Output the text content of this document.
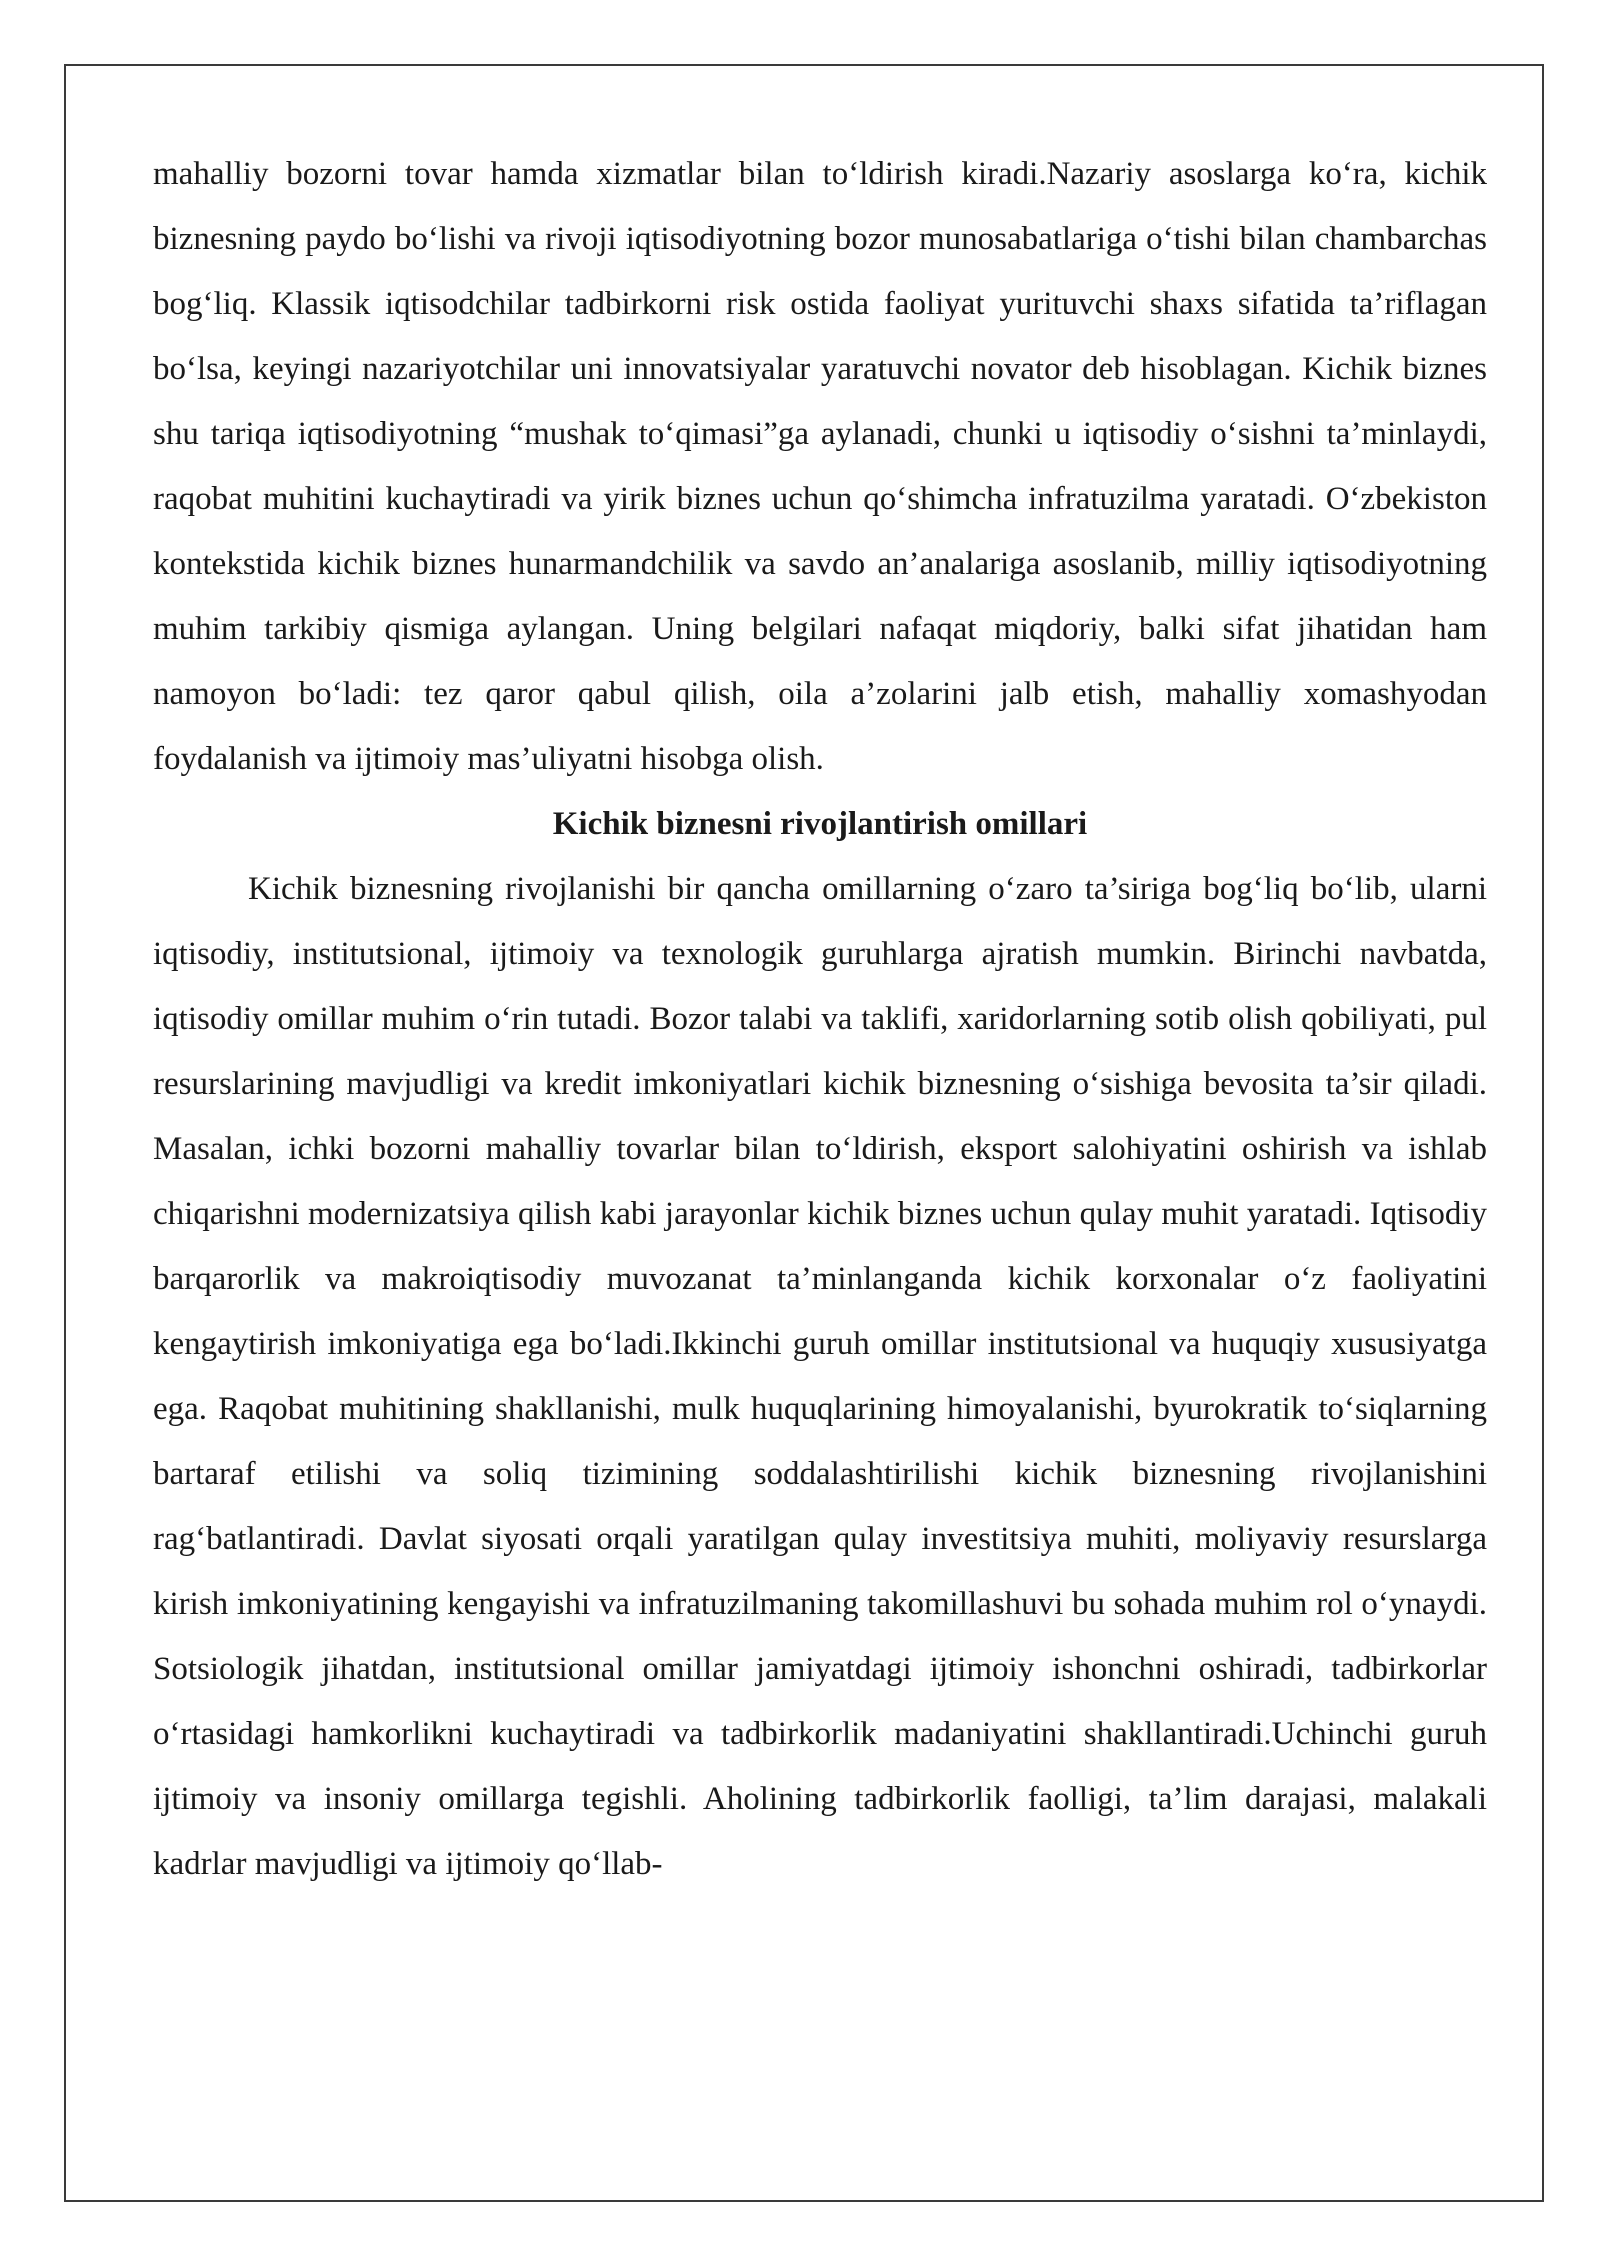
mahalliy bozorni tovar hamda xizmatlar bilan to‘ldirish kiradi.Nazariy asoslarga ko‘ra, kichik biznesning paydo bo‘lishi va rivoji iqtisodiyotning bozor munosabatlariga o‘tishi bilan chambarchas bog‘liq. Klassik iqtisodchilar tadbirkorni risk ostida faoliyat yurituvchi shaxs sifatida ta’riflagan bo‘lsa, keyingi nazariyotchilar uni innovatsiyalar yaratuvchi novator deb hisoblagan. Kichik biznes shu tariqa iqtisodiyotning “mushak to‘qimasi”ga aylanadi, chunki u iqtisodiy o‘sishni ta’minlaydi, raqobat muhitini kuchaytiradi va yirik biznes uchun qo‘shimcha infratuzilma yaratadi. O‘zbekiston kontekstida kichik biznes hunarmandchilik va savdo an’analariga asoslanib, milliy iqtisodiyotning muhim tarkibiy qismiga aylangan. Uning belgilari nafaqat miqdoriy, balki sifat jihatidan ham namoyon bo‘ladi: tez qaror qabul qilish, oila a’zolarini jalb etish, mahalliy xomashyodan foydalanish va ijtimoiy mas’uliyatni hisobga olish.

Kichik biznesni rivojlantirish omillari

Kichik biznesning rivojlanishi bir qancha omillarning o‘zaro ta’siriga bog‘liq bo‘lib, ularni iqtisodiy, institutsional, ijtimoiy va texnologik guruhlarga ajratish mumkin. Birinchi navbatda, iqtisodiy omillar muhim o‘rin tutadi. Bozor talabi va taklifi, xaridorlarning sotib olish qobiliyati, pul resurslarining mavjudligi va kredit imkoniyatlari kichik biznesning o‘sishiga bevosita ta’sir qiladi. Masalan, ichki bozorni mahalliy tovarlar bilan to‘ldirish, eksport salohiyatini oshirish va ishlab chiqarishni modernizatsiya qilish kabi jarayonlar kichik biznes uchun qulay muhit yaratadi. Iqtisodiy barqarorlik va makroiqtisodiy muvozanat ta’minlanganda kichik korxonalar o‘z faoliyatini kengaytirish imkoniyatiga ega bo‘ladi.Ikkinchi guruh omillar institutsional va huquqiy xususiyatga ega. Raqobat muhitining shakllanishi, mulk huquqlarining himoyalanishi, byurokratik to‘siqlarning bartaraf etilishi va soliq tizimining soddalashtirilishi kichik biznesning rivojlanishini rag‘batlantiradi. Davlat siyosati orqali yaratilgan qulay investitsiya muhiti, moliyaviy resurslarga kirish imkoniyatining kengayishi va infratuzilmaning takomillashuvi bu sohada muhim rol o‘ynaydi. Sotsiologik jihatdan, institutsional omillar jamiyatdagi ijtimoiy ishonchni oshiradi, tadbirkorlar o‘rtasidagi hamkorlikni kuchaytiradi va tadbirkorlik madaniyatini shakllantiradi.Uchinchi guruh ijtimoiy va insoniy omillarga tegishli. Aholining tadbirkorlik faolligi, ta’lim darajasi, malakali kadrlar mavjudligi va ijtimoiy qo‘llab-
